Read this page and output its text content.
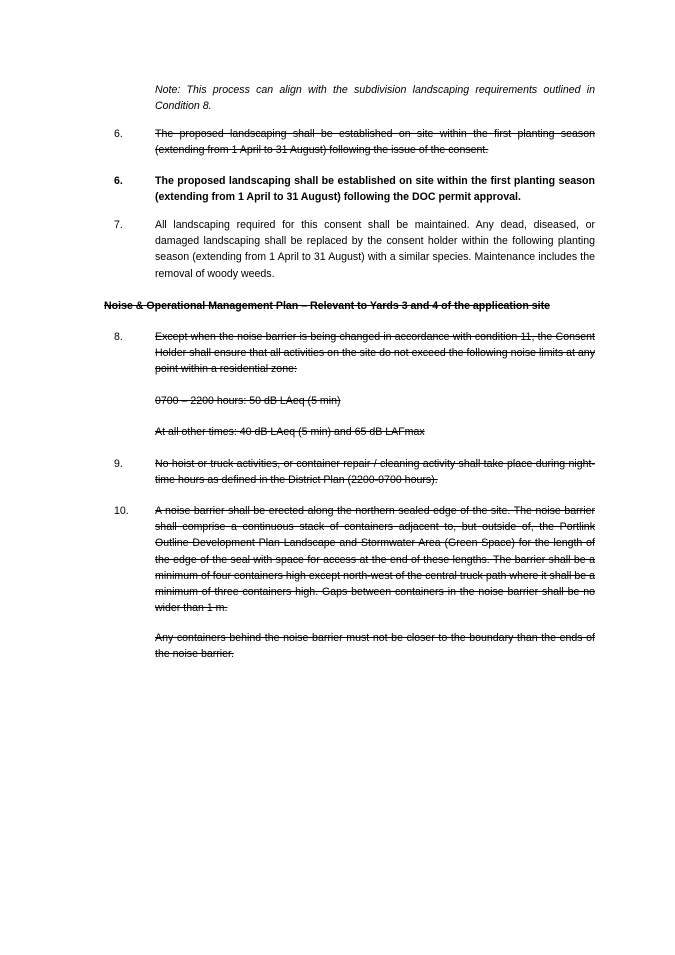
Note: This process can align with the subdivision landscaping requirements outlined in Condition 8.
6.	The proposed landscaping shall be established on site within the first planting season (extending from 1 April to 31 August) following the issue of the consent.
6.	The proposed landscaping shall be established on site within the first planting season (extending from 1 April to 31 August) following the DOC permit approval.
7.	All landscaping required for this consent shall be maintained. Any dead, diseased, or damaged landscaping shall be replaced by the consent holder within the following planting season (extending from 1 April to 31 August) with a similar species. Maintenance includes the removal of woody weeds.
Noise & Operational Management Plan – Relevant to Yards 3 and 4 of the application site
8.	Except when the noise barrier is being changed in accordance with condition 11, the Consent Holder shall ensure that all activities on the site do not exceed the following noise limits at any point within a residential zone:
0700 – 2200 hours: 50 dB LAeq (5 min)
At all other times: 40 dB LAeq (5 min) and 65 dB LAFmax
9.	No hoist or truck activities, or container repair / cleaning activity shall take place during night-time hours as defined in the District Plan (2200-0700 hours).
10.	A noise barrier shall be erected along the northern sealed edge of the site. The noise barrier shall comprise a continuous stack of containers adjacent to, but outside of, the Portlink Outline Development Plan Landscape and Stormwater Area (Green Space) for the length of the edge of the seal with space for access at the end of these lengths. The barrier shall be a minimum of four containers high except north-west of the central truck path where it shall be a minimum of three containers high. Gaps between containers in the noise barrier shall be no wider than 1 m.
Any containers behind the noise barrier must not be closer to the boundary than the ends of the noise barrier.
